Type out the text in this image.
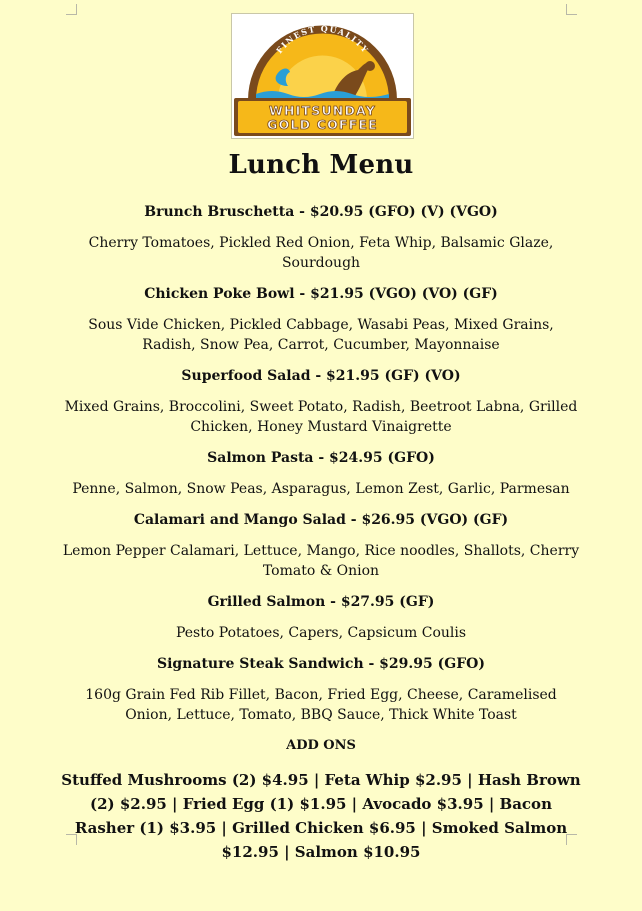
FINEST QUALITY
WHITSUNDAY
GOLD COFFEE
Lunch Menu

Brunch Bruschetta - $20.95 (GFO) (V) (VGO)

Cherry Tomatoes, Pickled Red Onion, Feta Whip, Balsamic Glaze, Sourdough

Chicken Poke Bowl - $21.95 (VGO) (VO) (GF)

Sous Vide Chicken, Pickled Cabbage, Wasabi Peas, Mixed Grains, Radish, Snow Pea, Carrot, Cucumber, Mayonnaise

Superfood Salad - $21.95 (GF) (VO)

Mixed Grains, Broccolini, Sweet Potato, Radish, Beetroot Labna, Grilled Chicken, Honey Mustard Vinaigrette

Salmon Pasta - $24.95 (GFO)

Penne, Salmon, Snow Peas, Asparagus, Lemon Zest, Garlic, Parmesan

Calamari and Mango Salad - $26.95 (VGO) (GF)

Lemon Pepper Calamari, Lettuce, Mango, Rice noodles, Shallots, Cherry Tomato & Onion

Grilled Salmon - $27.95 (GF)

Pesto Potatoes, Capers, Capsicum Coulis

Signature Steak Sandwich - $29.95 (GFO)

160g Grain Fed Rib Fillet, Bacon, Fried Egg, Cheese, Caramelised Onion, Lettuce, Tomato, BBQ Sauce, Thick White Toast

ADD ONS

Stuffed Mushrooms (2) $4.95 | Feta Whip $2.95 | Hash Brown (2) $2.95 | Fried Egg (1) $1.95 | Avocado $3.95 | Bacon Rasher (1) $3.95 | Grilled Chicken $6.95 | Smoked Salmon $12.95 | Salmon $10.95
